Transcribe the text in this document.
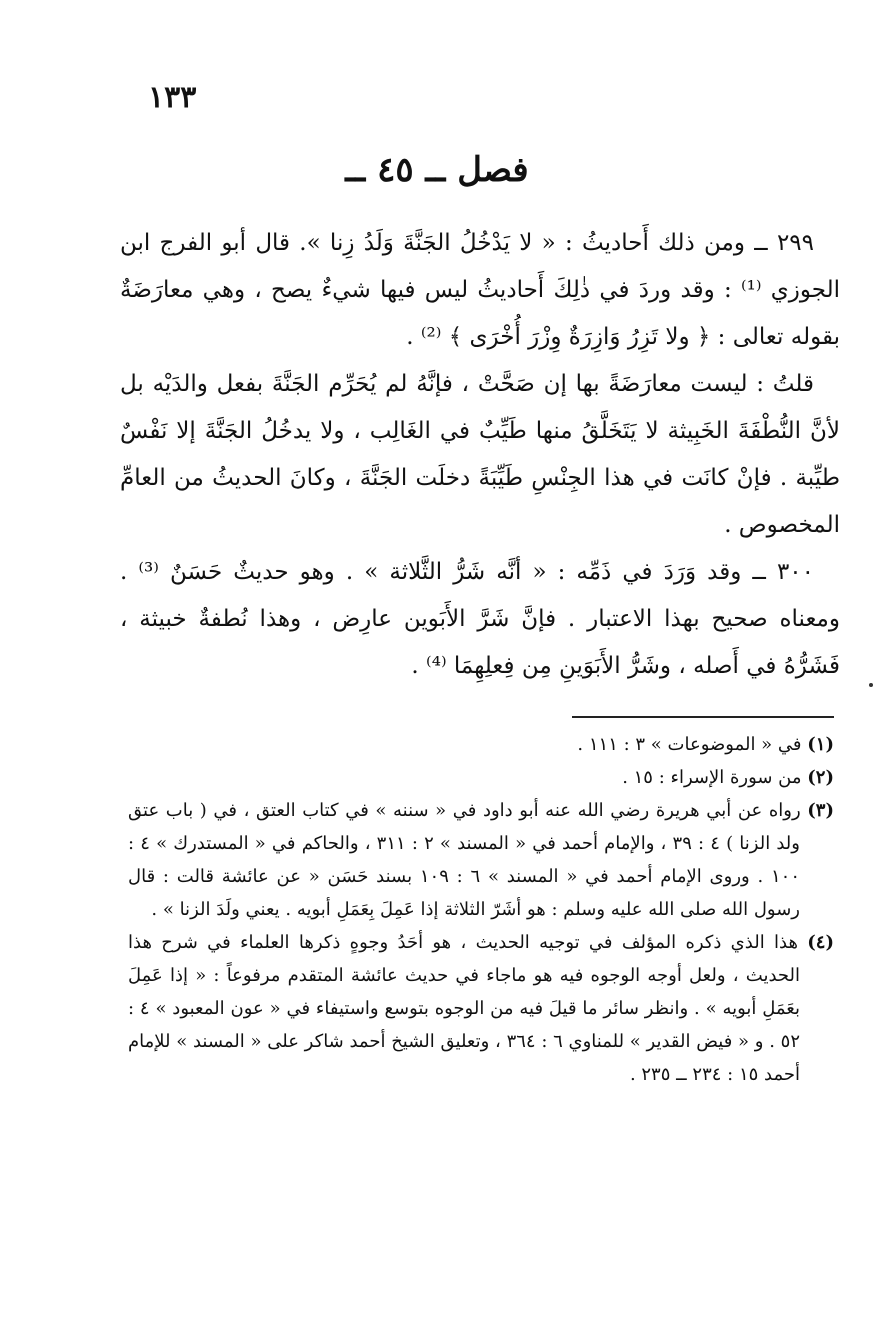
١٣٣
فصل ــ ٤٥ ــ

٢٩٩ ــ ومن ذلك أَحاديثُ : « لا يَدْخُلُ الجَنَّةَ وَلَدُ زِنا ». قال أبو الفرج ابن الجوزي ⁽¹⁾ : وقد وردَ في ذٰلِكَ أَحاديثُ ليس فيها شيءٌ يصح ، وهي معارَضَةٌ بقوله تعالى : ﴿ ولا تَزِرُ وَازِرَةٌ وِزْرَ أُخْرَى ﴾ ⁽²⁾ .

قلتُ : ليست معارَضَةً بها إن صَحَّتْ ، فإنَّهُ لم يُحَرِّم الجَنَّةَ بفعل والدَيْه بل لأنَّ النُّطْفَةَ الخَبِيثة لا يَتَخَلَّقُ منها طَيِّبٌ في الغَالِب ، ولا يدخُلُ الجَنَّةَ إلا نَفْسٌ طيِّبة . فإنْ كانَت في هذا الجِنْسِ طَيِّبَةً دخلَت الجَنَّةَ ، وكانَ الحديثُ من العامِّ المخصوص .

٣٠٠ ــ وقد وَرَدَ في ذَمِّه : « أنَّه شَرُّ الثَّلاثة » . وهو حديثٌ حَسَنٌ ⁽³⁾ . ومعناه صحيح بهذا الاعتبار . فإنَّ شَرَّ الأَبَوين عارِض ، وهذا نُطفةٌ خبيثة ، فَشَرُّهُ في أَصله ، وشَرُّ الأَبَوَينِ مِن فِعلِهِمَا ⁽⁴⁾ .

(١) في « الموضوعات » ٣ : ١١١ .

(٢) من سورة الإسراء : ١٥ .

(٣) رواه عن أبي هريرة رضي الله عنه أبو داود في « سننه » في كتاب العتق ، في ( باب عتق ولد الزنا ) ٤ : ٣٩ ، والإمام أحمد في « المسند » ٢ : ٣١١ ، والحاكم في « المستدرك » ٤ : ١٠٠ . وروى الإمام أحمد في « المسند » ٦ : ١٠٩ بسند حَسَن « عن عائشة قالت : قال رسول الله صلى الله عليه وسلم : هو أشَرّ الثلاثة إذا عَمِلَ بِعَمَلِ أبويه . يعني ولَدَ الزنا » .

(٤) هذا الذي ذكره المؤلف في توجيه الحديث ، هو أحَدُ وجوهٍ ذكرها العلماء في شرح هذا الحديث ، ولعل أوجه الوجوه فيه هو ماجاء في حديث عائشة المتقدم مرفوعاً : « إذا عَمِلَ بعَمَلِ أبويه » . وانظر سائر ما قيلَ فيه من الوجوه بتوسع واستيفاء في « عون المعبود » ٤ : ٥٢ . و « فيض القدير » للمناوي ٦ : ٣٦٤ ، وتعليق الشيخ أحمد شاكر على « المسند » للإمام أحمد ١٥ : ٢٣٤ ــ ٢٣٥ .
